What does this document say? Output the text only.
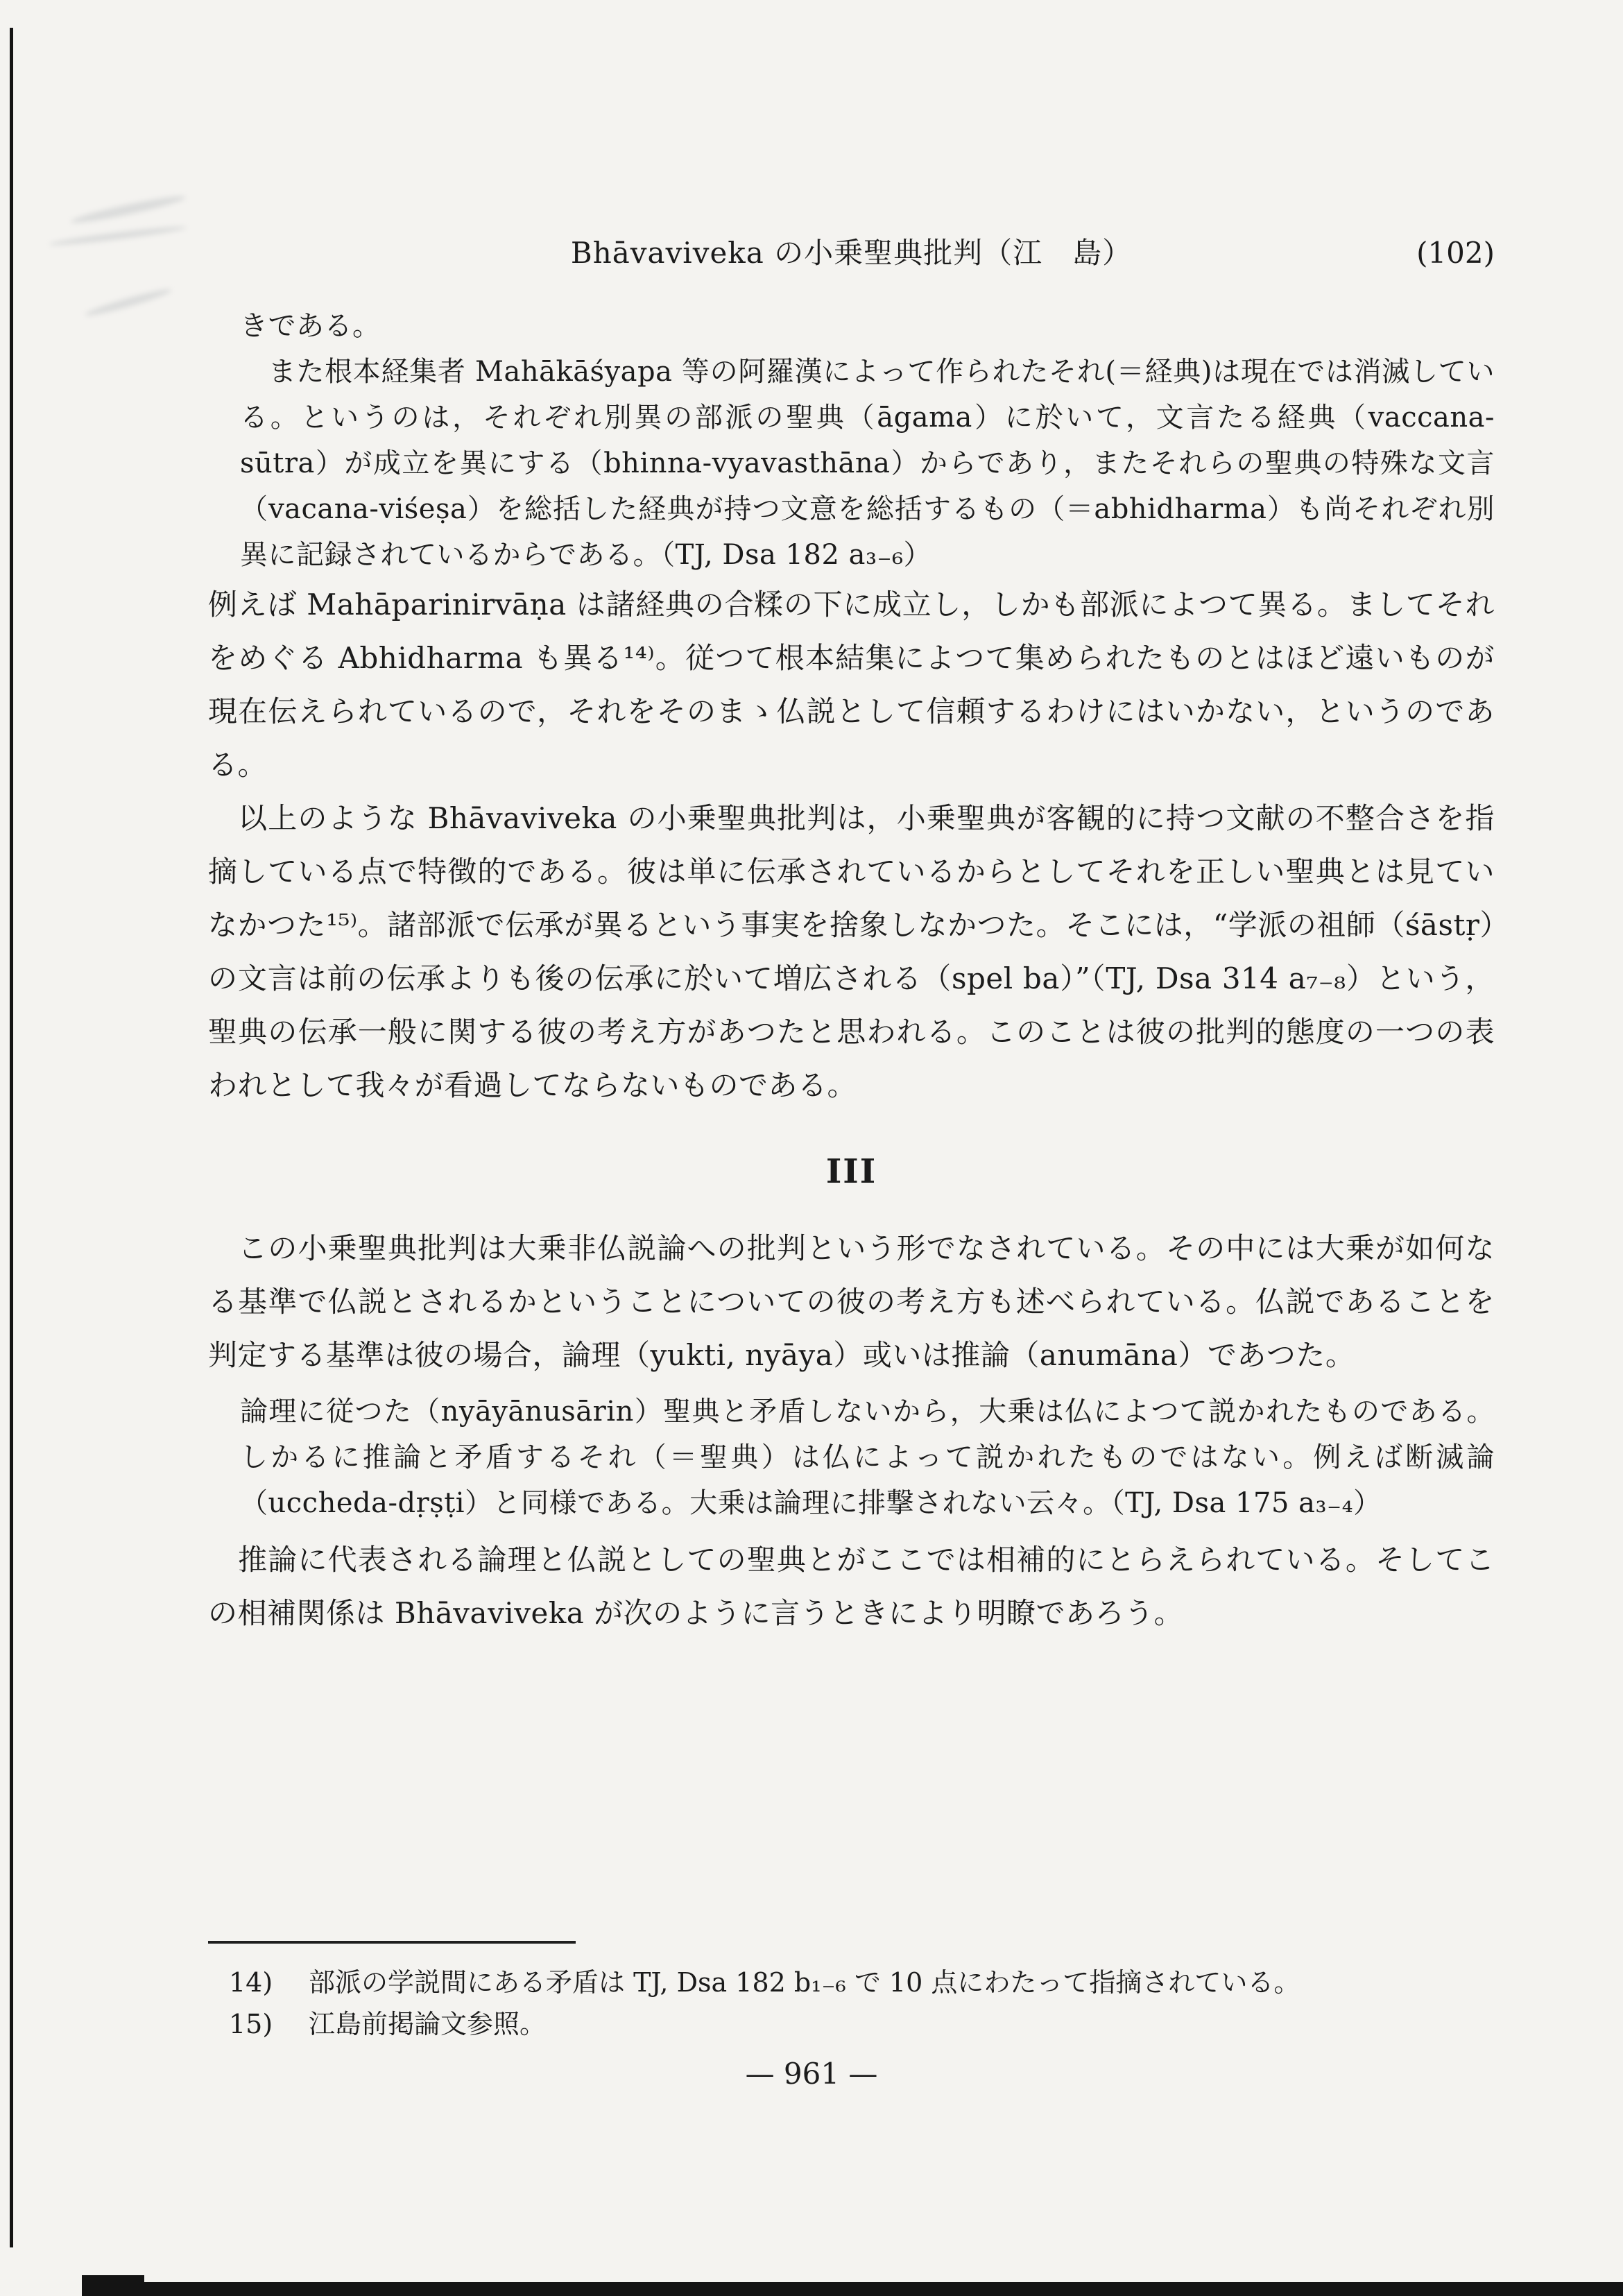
Bhāvaviveka の小乗聖典批判（江　島）	(102)

きである。

　また根本経集者 Mahākāśyapa 等の阿羅漢によって作られたそれ(＝経典)は現在では消滅している。というのは，それぞれ別異の部派の聖典（āgama）に於いて，文言たる経典（vaccana-sūtra）が成立を異にする（bhinna-vyavasthāna）からであり，またそれらの聖典の特殊な文言（vacana-viśeṣa）を総括した経典が持つ文意を総括するもの（＝abhidharma）も尚それぞれ別異に記録されているからである。（TJ, Dsa 182 a₃₋₆）

例えば Mahāparinirvāṇa は諸経典の合糅の下に成立し，しかも部派によつて異る。ましてそれをめぐる Abhidharma も異る¹⁴⁾。従つて根本結集によつて集められたものとはほど遠いものが現在伝えられているので，それをそのまゝ仏説として信頼するわけにはいかない，というのである。

　以上のような Bhāvaviveka の小乗聖典批判は，小乗聖典が客観的に持つ文献の不整合さを指摘している点で特徴的である。彼は単に伝承されているからとしてそれを正しい聖典とは見ていなかつた¹⁵⁾。諸部派で伝承が異るという事実を捨象しなかつた。そこには，“学派の祖師（śāstṛ）の文言は前の伝承よりも後の伝承に於いて増広される（spel ba）”（TJ, Dsa 314 a₇₋₈）という，聖典の伝承一般に関する彼の考え方があつたと思われる。このことは彼の批判的態度の一つの表われとして我々が看過してならないものである。

III

　この小乗聖典批判は大乗非仏説論への批判という形でなされている。その中には大乗が如何なる基準で仏説とされるかということについての彼の考え方も述べられている。仏説であることを判定する基準は彼の場合，論理（yukti, nyāya）或いは推論（anumāna）であつた。

論理に従つた（nyāyānusārin）聖典と矛盾しないから，大乗は仏によつて説かれたものである。しかるに推論と矛盾するそれ（＝聖典）は仏によって説かれたものではない。例えば断滅論（uccheda-dṛṣṭi）と同様である。大乗は論理に排撃されない云々。（TJ, Dsa 175 a₃₋₄）

　推論に代表される論理と仏説としての聖典とがここでは相補的にとらえられている。そしてこの相補関係は Bhāvaviveka が次のように言うときにより明瞭であろう。

14)	部派の学説間にある矛盾は TJ, Dsa 182 b₁₋₆ で 10 点にわたって指摘されている。
15)	江島前掲論文参照。
— 961 —
